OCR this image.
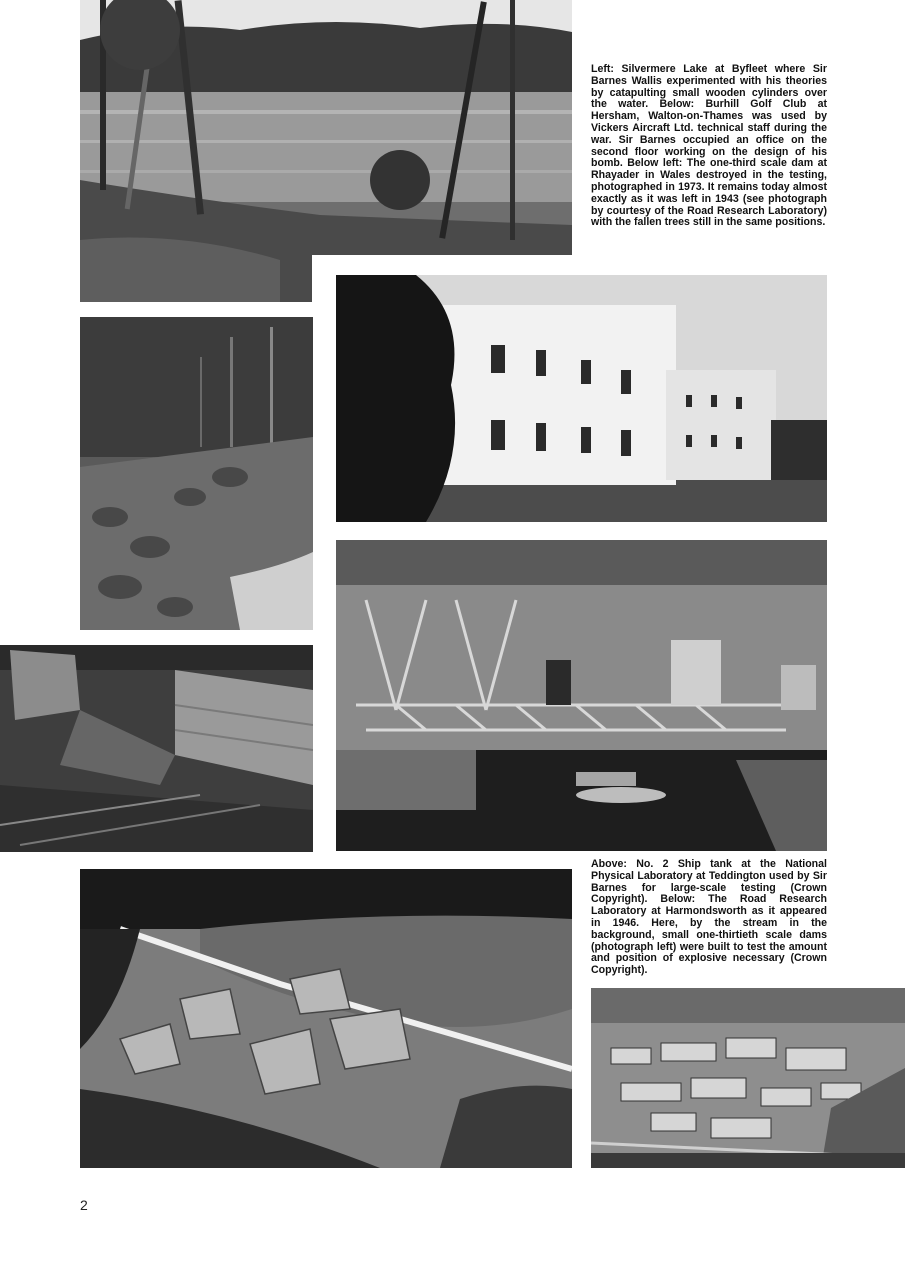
Left: Silvermere Lake at Byfleet where Sir Barnes Wallis experimented with his theories by catapulting small wooden cylinders over the water. Below: Burhill Golf Club at Hersham, Walton-on-Thames was used by Vickers Aircraft Ltd. technical staff during the war. Sir Barnes occupied an office on the second floor working on the design of his bomb. Below left: The one-third scale dam at Rhayader in Wales destroyed in the testing, photographed in 1973. It remains today almost exactly as it was left in 1943 (see photograph by courtesy of the Road Research Laboratory) with the fallen trees still in the same positions.

Above: No. 2 Ship tank at the National Physical Laboratory at Teddington used by Sir Barnes for large-scale testing (Crown Copyright). Below: The Road Research Laboratory at Harmondsworth as it appeared in 1946. Here, by the stream in the background, small one-thirtieth scale dams (photograph left) were built to test the amount and position of explosive necessary (Crown Copyright).

2
